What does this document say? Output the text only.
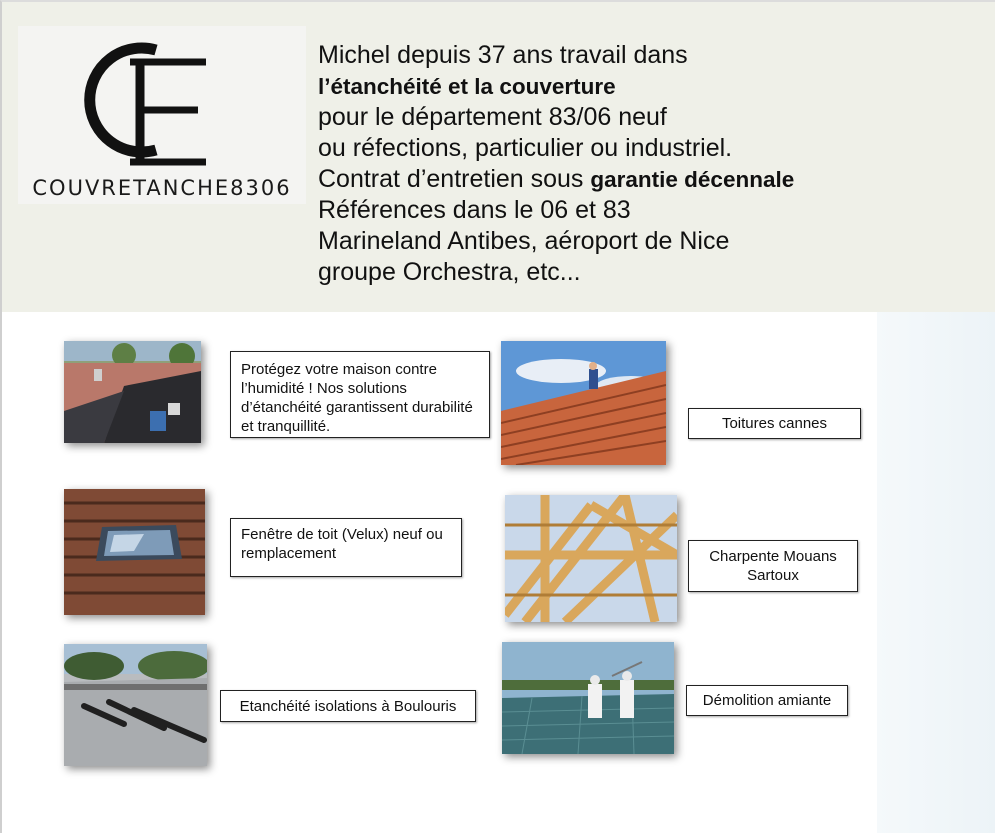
COUVRETANCHE8306
Michel depuis 37 ans travail dans
l’étanchéité et la couverture
pour le département 83/06 neuf
ou réfections, particulier ou industriel.
Contrat d’entretien sous garantie décennale
Références dans le 06 et 83
Marineland Antibes, aéroport de Nice
groupe Orchestra, etc...
Protégez votre maison contre l’humidité ! Nos solutions d’étanchéité garantissent durabilité et tranquillité.	Toitures cannes
Fenêtre de toit (Velux) neuf ou remplacement	Charpente Mouans Sartoux
Etanchéité isolations à Boulouris	Démolition amiante
